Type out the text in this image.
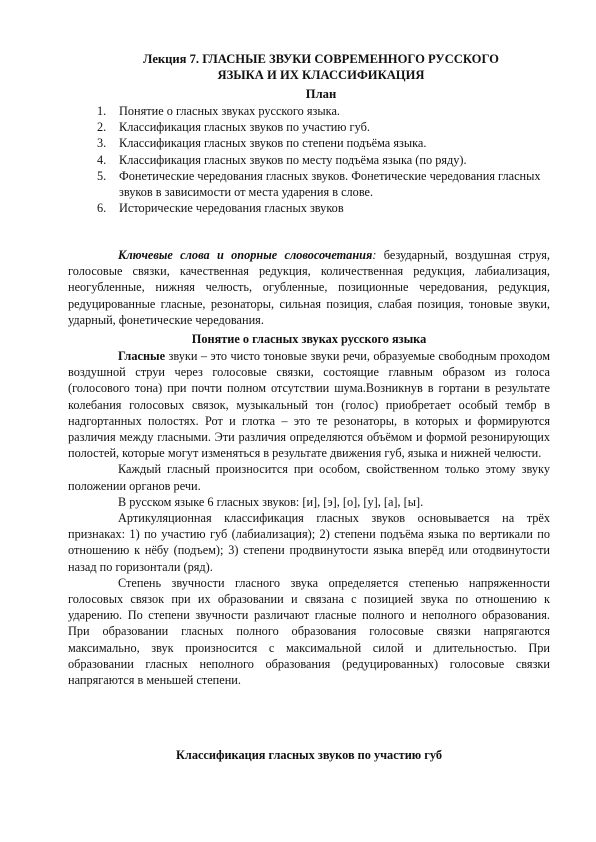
Лекция 7. ГЛАСНЫЕ ЗВУКИ СОВРЕМЕННОГО РУССКОГО
ЯЗЫКА И ИХ КЛАССИФИКАЦИЯ
План
1.	Понятие о гласных звуках русского языка.
2.	Классификация гласных звуков по участию губ.
3.	Классификация гласных звуков по степени подъёма языка.
4.	Классификация гласных звуков по месту подъёма языка (по ряду).
5.	Фонетические чередования гласных звуков. Фонетические чередования гласных звуков в зависимости от места ударения в слове.
6.	Исторические чередования гласных звуков

Ключевые слова и опорные словосочетания: безударный, воздушная струя, голосовые связки, качественная редукция, количественная редукция, лабиализация, неогубленные, нижняя челюсть, огубленные, позиционные чередования, редукция, редуцированные гласные, резонаторы, сильная позиция, слабая позиция, тоновые звуки, ударный, фонетические чередования.

Понятие о гласных звуках русского языка

Гласные звуки – это чисто тоновые звуки речи, образуемые свободным проходом воздушной струи через голосовые связки, состоящие главным образом из голоса (голосового тона) при почти полном отсутствии шума.Возникнув в гортани в результате колебания голосовых связок, музыкальный тон (голос) приобретает особый тембр в надгортанных полостях. Рот и глотка – это те резонаторы, в которых и формируются различия между гласными. Эти различия определяются объёмом и формой резонирующих полостей, которые могут изменяться в результате движения губ, языка и нижней челюсти.

Каждый гласный произносится при особом, свойственном только этому звуку положении органов речи.

В русском языке 6 гласных звуков: [и], [э], [о], [у], [а], [ы].

Артикуляционная классификация гласных звуков основывается на трёх признаках: 1) по участию губ (лабиализация); 2) степени подъёма языка по вертикали по отношению к нёбу (подъем); 3) степени продвинутости языка вперёд или отодвинутости назад по горизонтали (ряд).

Степень звучности гласного звука определяется степенью напряженности голосовых связок при их образовании и связана с позицией звука по отношению к ударению. По степени звучности различают гласные полного и неполного образования. При образовании гласных полного образования голосовые связки напрягаются максимально, звук произносится с максимальной силой и длительностью. При образовании гласных неполного образования (редуцированных) голосовые связки напрягаются в меньшей степени.

Классификация гласных звуков по участию губ
